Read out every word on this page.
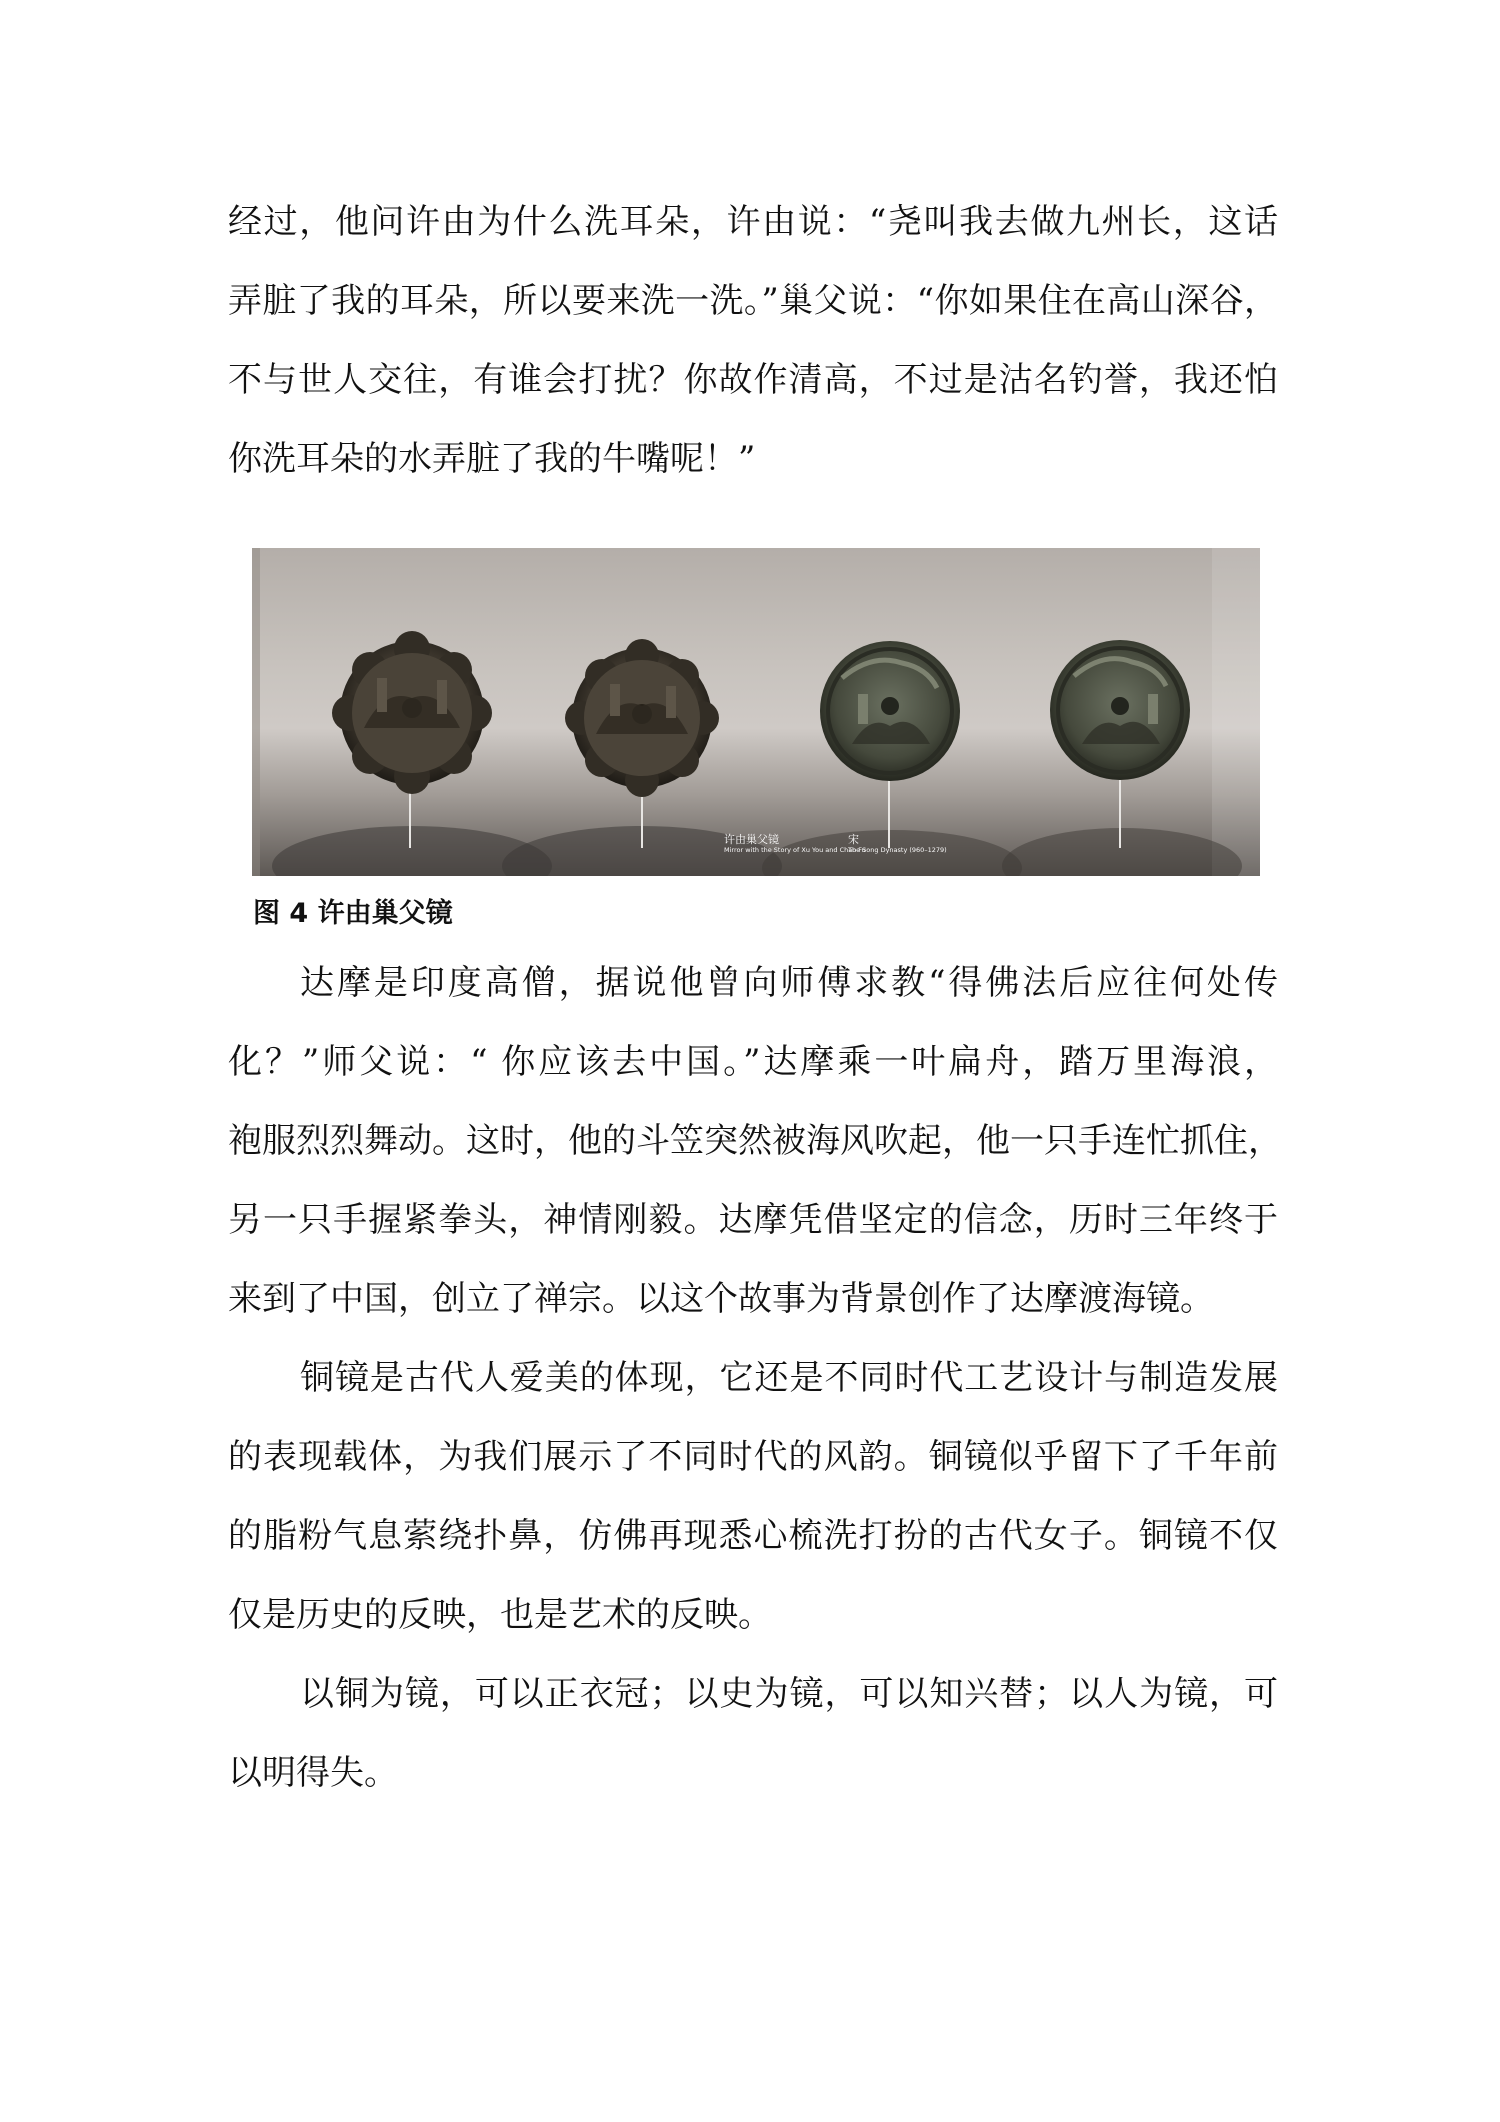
经过，他问许由为什么洗耳朵，许由说：“尧叫我去做九州长，这话
弄脏了我的耳朵，所以要来洗一洗。”巢父说：“你如果住在高山深谷，
不与世人交往，有谁会打扰？你故作清高，不过是沽名钓誉，我还怕
你洗耳朵的水弄脏了我的牛嘴呢！”
许由巢父镜
Mirror with the Story of Xu You and Chao Fu
宋
The Song Dynasty (960–1279)
图 4 许由巢父镜
达摩是印度高僧，据说他曾向师傅求教“得佛法后应往何处传
化？”师父说：“ 你应该去中国。”达摩乘一叶扁舟，踏万里海浪，
袍服烈烈舞动。这时，他的斗笠突然被海风吹起，他一只手连忙抓住，
另一只手握紧拳头，神情刚毅。达摩凭借坚定的信念，历时三年终于
来到了中国，创立了禅宗。以这个故事为背景创作了达摩渡海镜。
铜镜是古代人爱美的体现，它还是不同时代工艺设计与制造发展
的表现载体，为我们展示了不同时代的风韵。铜镜似乎留下了千年前
的脂粉气息萦绕扑鼻，仿佛再现悉心梳洗打扮的古代女子。铜镜不仅
仅是历史的反映，也是艺术的反映。
以铜为镜，可以正衣冠；以史为镜，可以知兴替；以人为镜，可
以明得失。
